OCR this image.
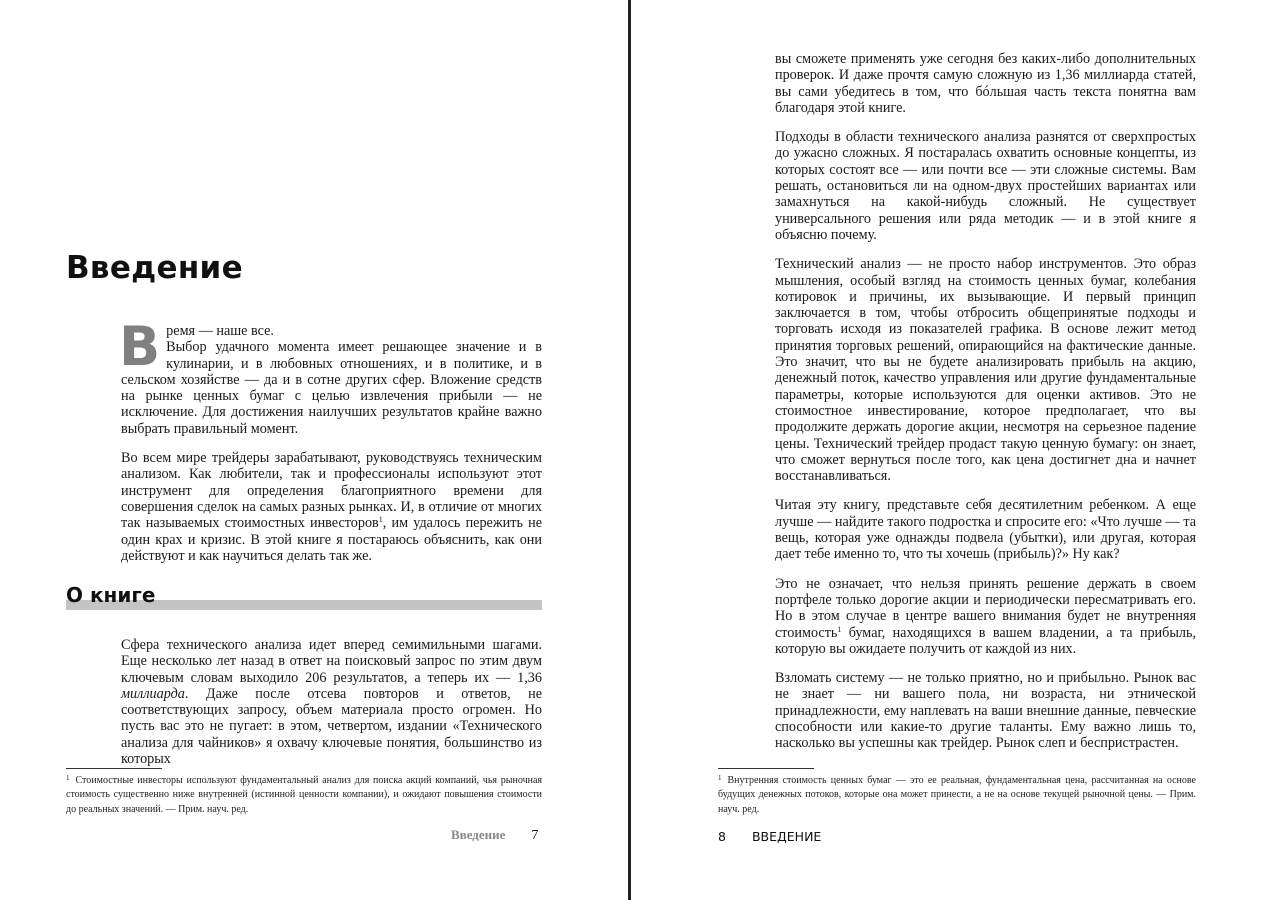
Введение

Время — наше все.
Выбор удачного момента имеет решающее значение и в кулинарии, и в любовных отношениях, и в политике, и в сельском хозяйстве — да и в сотне других сфер. Вложение средств на рынке ценных бумаг с целью извлечения прибыли — не исключение. Для достижения наилучших результатов крайне важно выбрать правильный момент.

Во всем мире трейдеры зарабатывают, руководствуясь техническим анализом. Как любители, так и профессионалы используют этот инструмент для определения благоприятного времени для совершения сделок на самых разных рынках. И, в отличие от многих так называемых стоимостных инвесторов$^1$, им удалось пережить не один крах и кризис. В этой книге я постараюсь объяснить, как они действуют и как научиться делать так же.

О книге

Сфера технического анализа идет вперед семимильными шагами. Еще несколько лет назад в ответ на поисковый запрос по этим двум ключевым словам выходило 206 результатов, а теперь их — 1,36 миллиарда. Даже после отсева повторов и ответов, не соответствующих запросу, объем материала просто огромен. Но пусть вас это не пугает: в этом, четвертом, издании «Технического анализа для чайников» я охвачу ключевые понятия, большинство из которых

$^1$ Стоимостные инвесторы используют фундаментальный анализ для поиска акций компаний, чья рыночная стоимость существенно ниже внутренней (истинной ценности компании), и ожидают повышения стоимости до реальных значений. — Прим. науч. ред.
Введение 7

вы сможете применять уже сегодня без каких-либо дополнительных проверок. И даже прочтя самую сложную из 1,36 миллиарда статей, вы сами убедитесь в том, что бóльшая часть текста понятна вам благодаря этой книге.

Подходы в области технического анализа разнятся от сверхпростых до ужасно сложных. Я постаралась охватить основные концепты, из которых состоят все — или почти все — эти сложные системы. Вам решать, остановиться ли на одном-двух простейших вариантах или замахнуться на какой-нибудь сложный. Не существует универсального решения или ряда методик — и в этой книге я объясню почему.

Технический анализ — не просто набор инструментов. Это образ мышления, особый взгляд на стоимость ценных бумаг, колебания котировок и причины, их вызывающие. И первый принцип заключается в том, чтобы отбросить общепринятые подходы и торговать исходя из показателей графика. В основе лежит метод принятия торговых решений, опирающийся на фактические данные. Это значит, что вы не будете анализировать прибыль на акцию, денежный поток, качество управления или другие фундаментальные параметры, которые используются для оценки активов. Это не стоимостное инвестирование, которое предполагает, что вы продолжите держать дорогие акции, несмотря на серьезное падение цены. Технический трейдер продаст такую ценную бумагу: он знает, что сможет вернуться после того, как цена достигнет дна и начнет восстанавливаться.

Читая эту книгу, представьте себя десятилетним ребенком. А еще лучше — найдите такого подростка и спросите его: «Что лучше — та вещь, которая уже однажды подвела (убытки), или другая, которая дает тебе именно то, что ты хочешь (прибыль)?» Ну как?

Это не означает, что нельзя принять решение держать в своем портфеле только дорогие акции и периодически пересматривать его. Но в этом случае в центре вашего внимания будет не внутренняя стоимость$^1$ бумаг, находящихся в вашем владении, а та прибыль, которую вы ожидаете получить от каждой из них.

Взломать систему — не только приятно, но и прибыльно. Рынок вас не знает — ни вашего пола, ни возраста, ни этнической принадлежности, ему наплевать на ваши внешние данные, певческие способности или какие-то другие таланты. Ему важно лишь то, насколько вы успешны как трейдер. Рынок слеп и беспристрастен.

$^1$ Внутренняя стоимость ценных бумаг — это ее реальная, фундаментальная цена, рассчитанная на основе будущих денежных потоков, которые она может принести, а не на основе текущей рыночной цены. — Прим. науч. ред.
8 ВВЕДЕНИЕ
